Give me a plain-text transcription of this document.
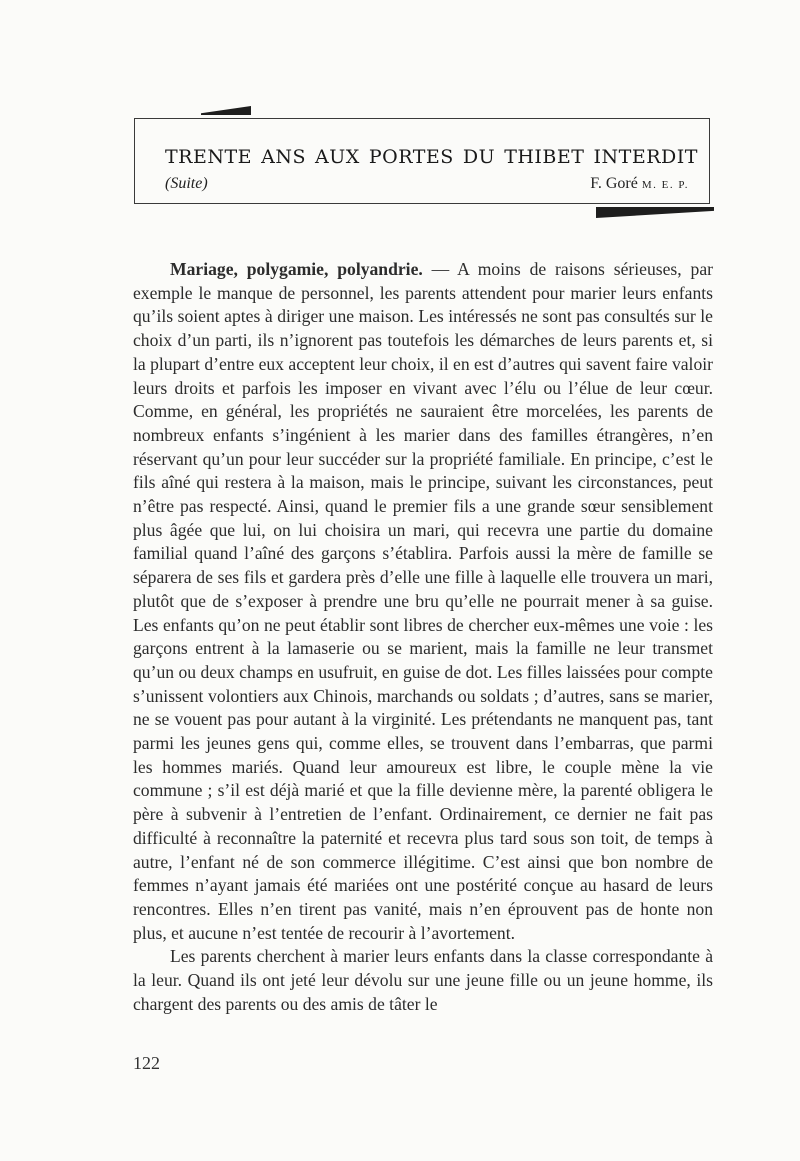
trente ans aux portes du thibet interdit
(Suite)	F. Goré M. E. P.

Mariage, polygamie, polyandrie. — A moins de raisons sérieuses, par exemple le manque de personnel, les parents attendent pour marier leurs enfants qu’ils soient aptes à diriger une maison. Les intéressés ne sont pas consultés sur le choix d’un parti, ils n’ignorent pas toutefois les démarches de leurs parents et, si la plupart d’entre eux acceptent leur choix, il en est d’autres qui savent faire valoir leurs droits et parfois les imposer en vivant avec l’élu ou l’élue de leur cœur. Comme, en général, les propriétés ne sauraient être morcelées, les parents de nombreux enfants s’ingénient à les marier dans des familles étrangères, n’en réservant qu’un pour leur succéder sur la propriété familiale. En principe, c’est le fils aîné qui restera à la maison, mais le principe, suivant les circonstances, peut n’être pas respecté. Ainsi, quand le premier fils a une grande sœur sensiblement plus âgée que lui, on lui choisira un mari, qui recevra une partie du domaine familial quand l’aîné des garçons s’établira. Parfois aussi la mère de famille se séparera de ses fils et gardera près d’elle une fille à laquelle elle trouvera un mari, plutôt que de s’exposer à prendre une bru qu’elle ne pourrait mener à sa guise. Les enfants qu’on ne peut établir sont libres de chercher eux-mêmes une voie : les garçons entrent à la lamaserie ou se marient, mais la famille ne leur transmet qu’un ou deux champs en usufruit, en guise de dot. Les filles laissées pour compte s’unissent volontiers aux Chinois, marchands ou soldats ; d’autres, sans se marier, ne se vouent pas pour autant à la virginité. Les prétendants ne manquent pas, tant parmi les jeunes gens qui, comme elles, se trouvent dans l’embarras, que parmi les hommes mariés. Quand leur amoureux est libre, le couple mène la vie commune ; s’il est déjà marié et que la fille devienne mère, la parenté obligera le père à subvenir à l’entretien de l’enfant. Ordinairement, ce dernier ne fait pas difficulté à reconnaître la paternité et recevra plus tard sous son toit, de temps à autre, l’enfant né de son commerce illégitime. C’est ainsi que bon nombre de femmes n’ayant jamais été mariées ont une postérité conçue au hasard de leurs rencontres. Elles n’en tirent pas vanité, mais n’en éprouvent pas de honte non plus, et aucune n’est tentée de recourir à l’avortement.

Les parents cherchent à marier leurs enfants dans la classe correspondante à la leur. Quand ils ont jeté leur dévolu sur une jeune fille ou un jeune homme, ils chargent des parents ou des amis de tâter le

122
